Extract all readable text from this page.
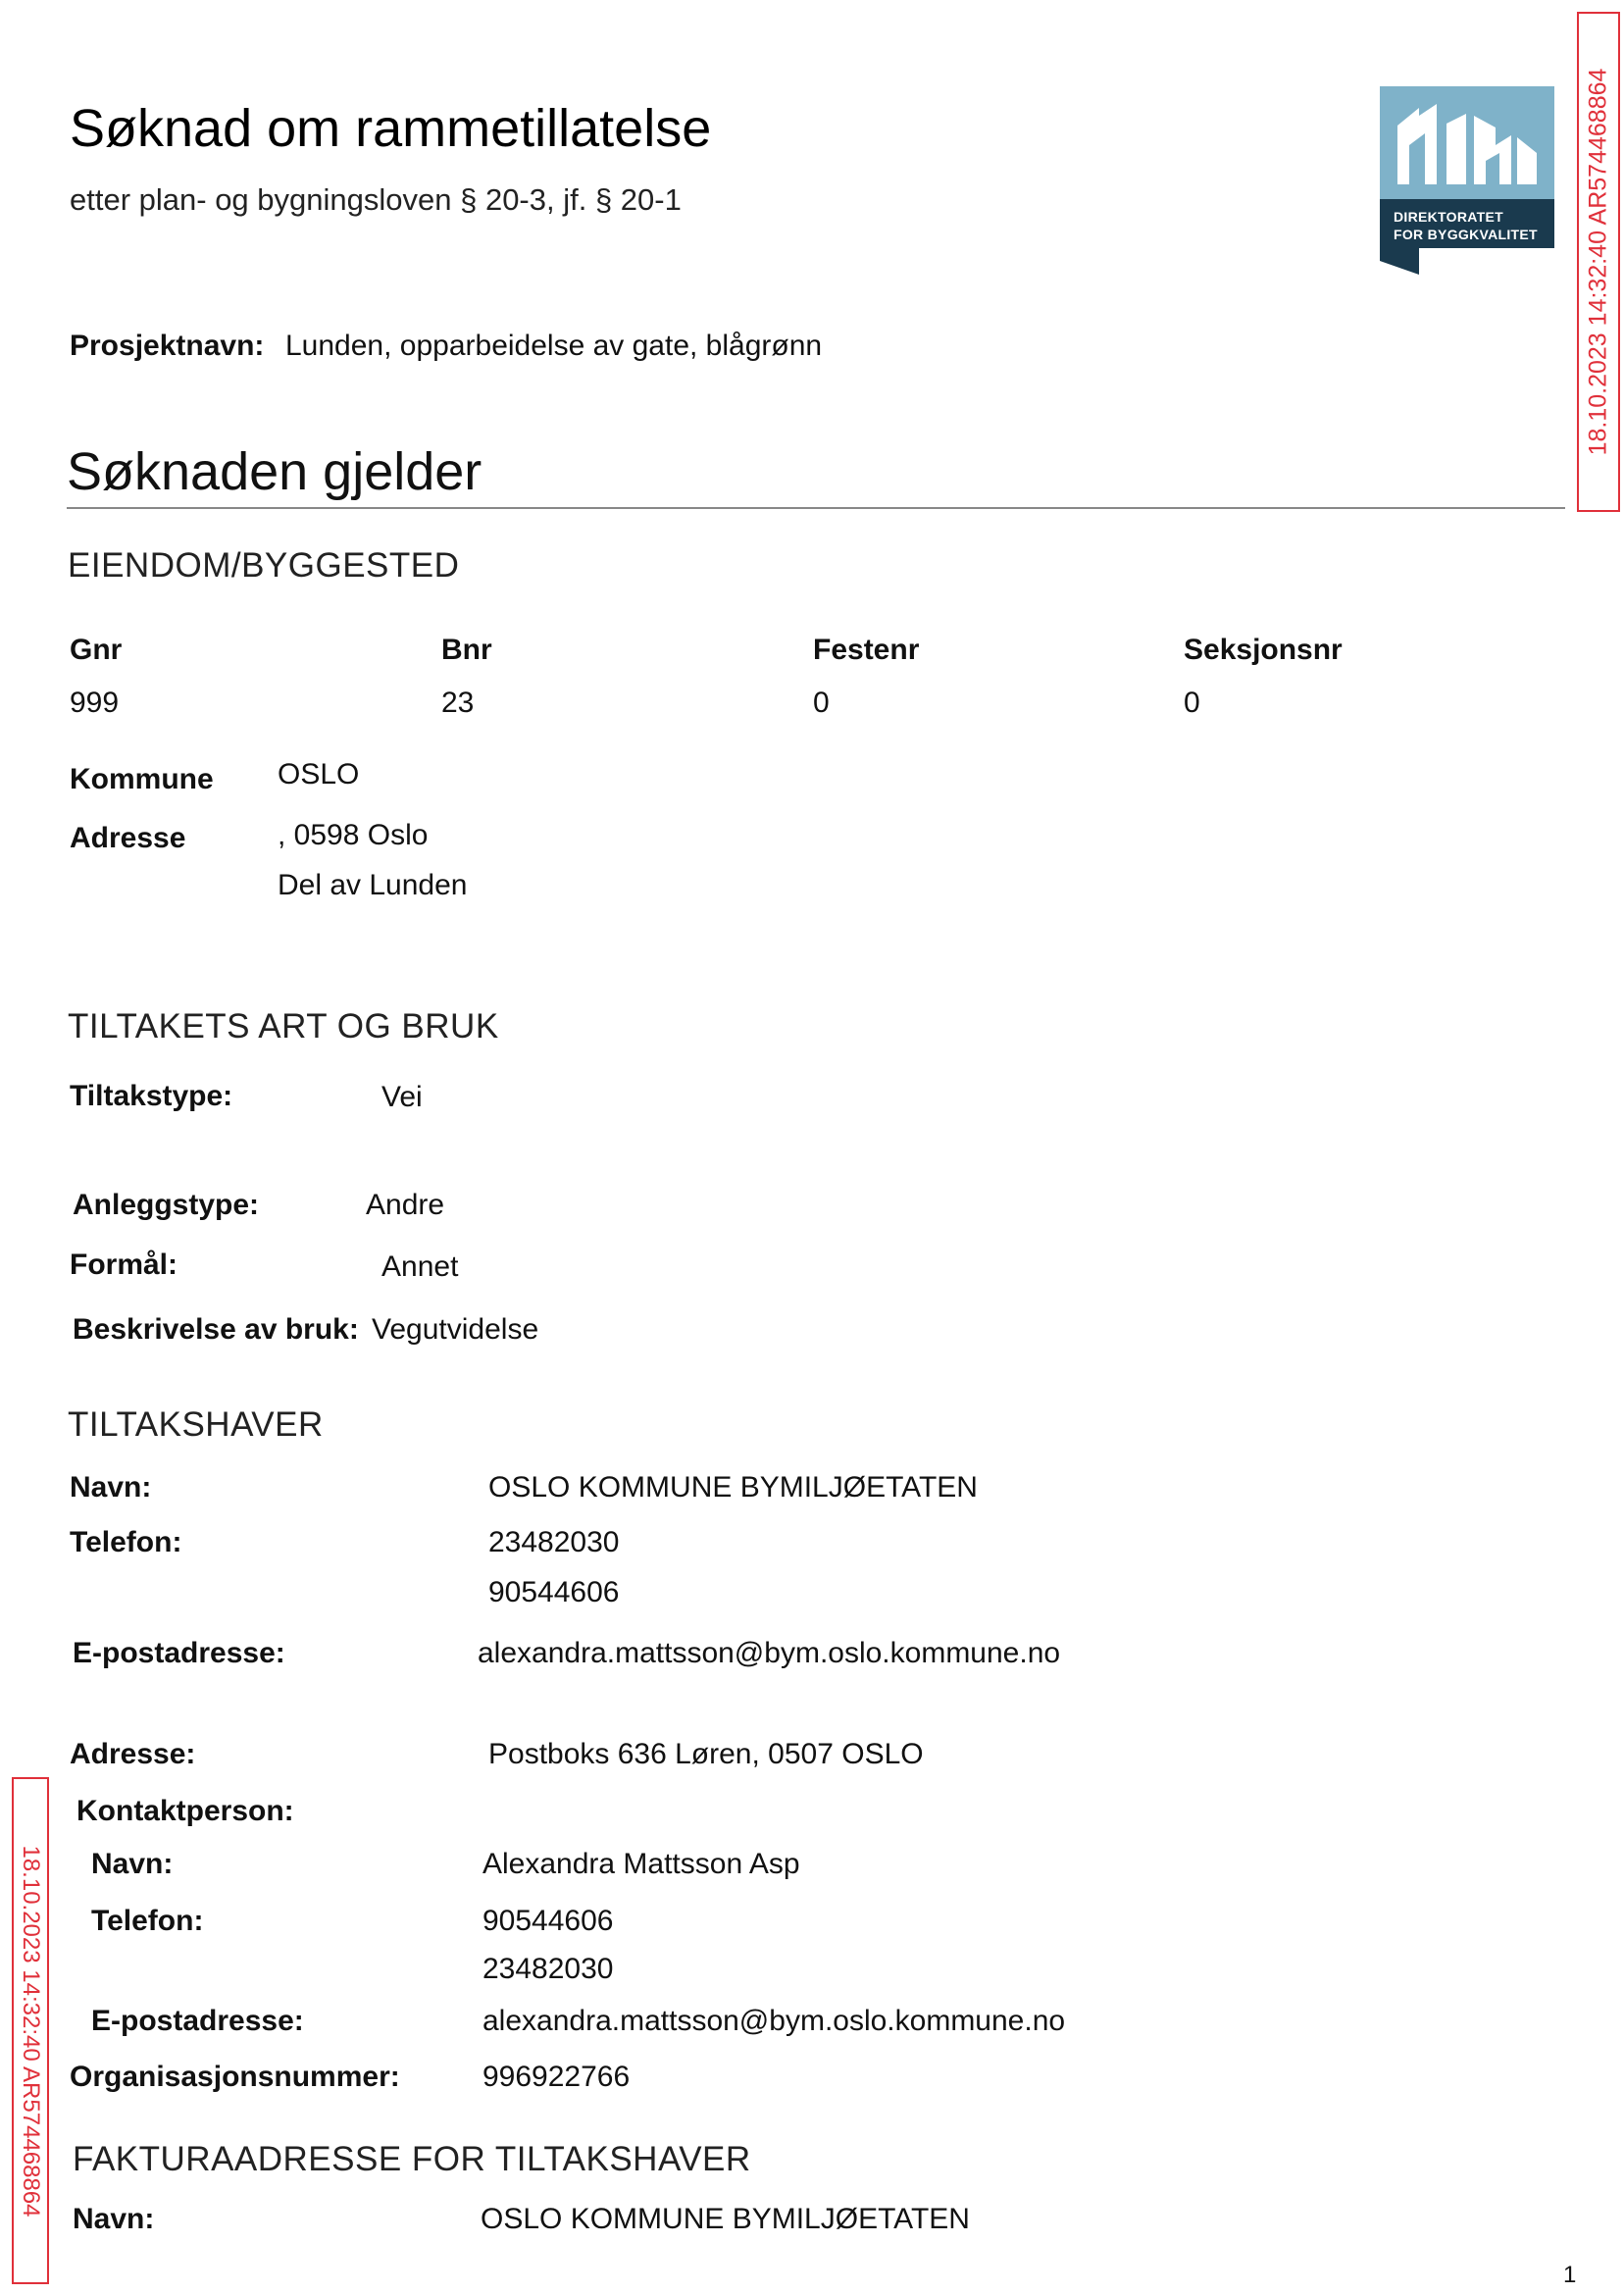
Søknad om rammetillatelse
etter plan- og bygningsloven § 20-3, jf. § 20-1	DIREKTORATET
FOR BYGGKVALITET 18.10.2023 14:32:40 AR574468864
18.10.2023 14:32:40 AR574468864
Prosjektnavn: Lunden, opparbeidelse av gate, blågrønn
Søknaden gjelder
EIENDOM/BYGGESTED
Gnr	Bnr	Festenr	Seksjonsnr
999	23	0	0
Kommune OSLO
Adresse	, 0598 Oslo
Del av Lunden
TILTAKETS ART OG BRUK
Tiltakstype:	Vei
Anleggstype:	Andre
Formål:	Annet
Beskrivelse av bruk: Vegutvidelse
TILTAKSHAVER
Navn:	OSLO KOMMUNE BYMILJØETATEN
Telefon:	23482030
90544606
E-postadresse:	alexandra.mattsson@bym.oslo.kommune.no
Adresse:	Postboks 636 Løren, 0507 OSLO
Kontaktperson:
Navn:	Alexandra Mattsson Asp
Telefon:	90544606
23482030
E-postadresse:	alexandra.mattsson@bym.oslo.kommune.no
Organisasjonsnummer:	996922766
FAKTURAADRESSE FOR TILTAKSHAVER
Navn:	OSLO KOMMUNE BYMILJØETATEN
1
